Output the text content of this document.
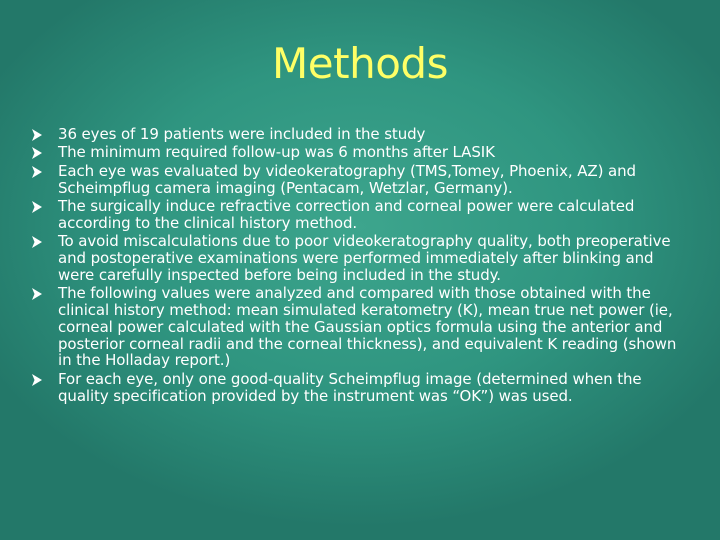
Methods
36 eyes of 19 patients were included in the study
The minimum required follow-up was 6 months after LASIK
Each eye was evaluated by videokeratography (TMS,Tomey, Phoenix, AZ) and Scheimpflug camera imaging (Pentacam, Wetzlar, Germany).
The surgically induce refractive correction and corneal power were calculated according to the clinical history method.
To avoid miscalculations due to poor videokeratography quality, both preoperative and postoperative examinations were performed immediately after blinking and were carefully inspected before being included in the study.
The following values were analyzed and compared with those obtained with the clinical history method: mean simulated keratometry (K), mean true net power (ie, corneal power calculated with the Gaussian optics formula using the anterior and posterior corneal radii and the corneal thickness), and equivalent K reading (shown in the Holladay report.)
For each eye, only one good-quality Scheimpflug image (determined when the quality specification provided by the instrument was “OK”) was used.
